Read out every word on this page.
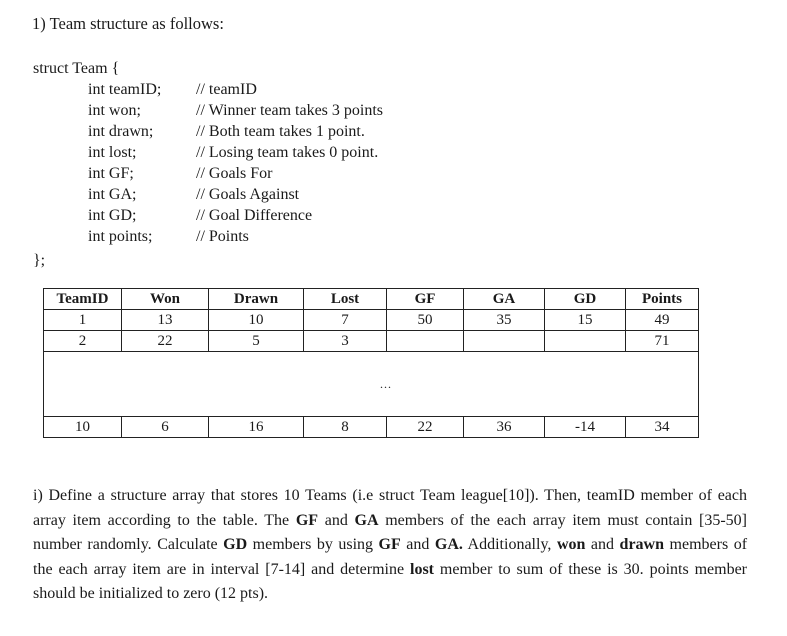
1) Team structure as follows:
struct Team {
int teamID;
int won;
int drawn;
int lost;
int GF;
int GA;
int GD;
int points;
// teamID
// Winner team takes 3 points
// Both team takes 1 point.
// Losing team takes 0 point.
// Goals For
// Goals Against
// Goal Difference
// Points
};
TeamID	Won	Drawn	Lost	GF	GA	GD	Points
1	13	10	7	50	35	15	49
2	22	5	3				71
...							
10	6	16	8	22	36	-14	34
i) Define a structure array that stores 10 Teams (i.e struct Team league[10]). Then, teamID member of each array item according to the table. The GF and GA members of the each array item must contain [35-50] number randomly. Calculate GD members by using GF and GA. Additionally, won and drawn members of the each array item are in interval [7-14] and determine lost member to sum of these is 30. points member should be initialized to zero (12 pts).
